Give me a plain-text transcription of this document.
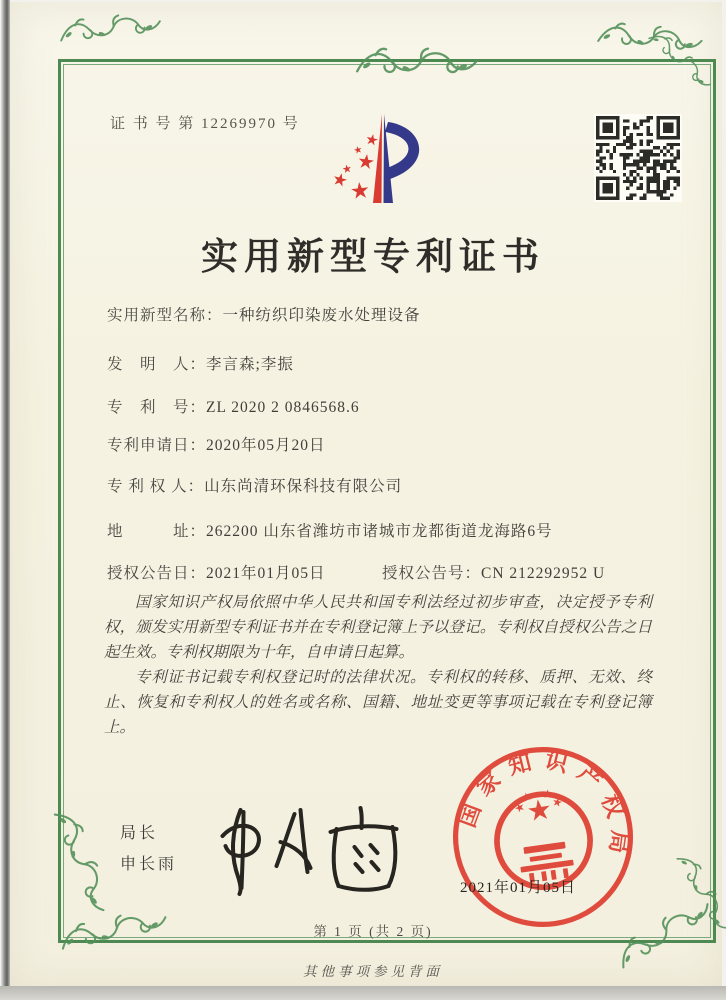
证 书 号 第 12269970 号
实用新型专利证书
实用新型名称：一种纺织印染废水处理设备
发　明　人：李言森;李振
专　利　号：ZL 2020 2 0846568.6
专利申请日：2020年05月20日
专 利 权 人：山东尚清环保科技有限公司
地　　　址：262200 山东省潍坊市诸城市龙都街道龙海路6号
授权公告日：2021年01月05日	授权公告号：CN 212292952 U

国家知识产权局依照中华人民共和国专利法经过初步审查，决定授予专利权，颁发实用新型专利证书并在专利登记簿上予以登记。专利权自授权公告之日起生效。专利权期限为十年，自申请日起算。

专利证书记载专利权登记时的法律状况。专利权的转移、质押、无效、终止、恢复和专利权人的姓名或名称、国籍、地址变更等事项记载在专利登记簿上。

局长
申长雨
国家知识产权局
2021年01月05日
第 1 页 (共 2 页)
其他事项参见背面
